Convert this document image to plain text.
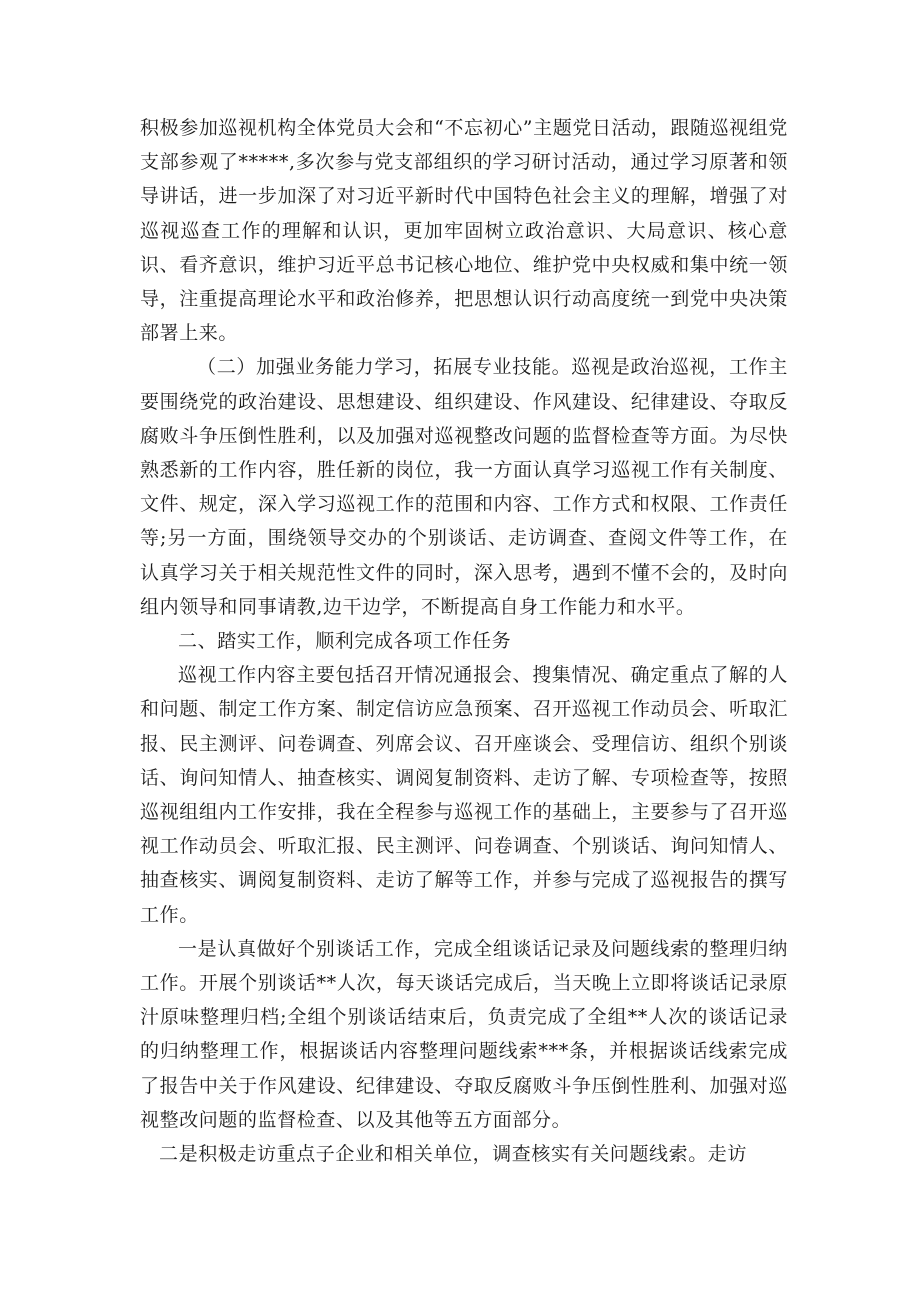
积极参加巡视机构全体党员大会和“不忘初心”主题党日活动，跟随巡视组党支部参观了*****,多次参与党支部组织的学习研讨活动，通过学习原著和领导讲话，进一步加深了对习近平新时代中国特色社会主义的理解，增强了对巡视巡查工作的理解和认识，更加牢固树立政治意识、大局意识、核心意识、看齐意识，维护习近平总书记核心地位、维护党中央权威和集中统一领导，注重提高理论水平和政治修养，把思想认识行动高度统一到党中央决策部署上来。

（二）加强业务能力学习，拓展专业技能。巡视是政治巡视，工作主要围绕党的政治建设、思想建设、组织建设、作风建设、纪律建设、夺取反腐败斗争压倒性胜利，以及加强对巡视整改问题的监督检查等方面。为尽快熟悉新的工作内容，胜任新的岗位，我一方面认真学习巡视工作有关制度、文件、规定，深入学习巡视工作的范围和内容、工作方式和权限、工作责任等;另一方面，围绕领导交办的个别谈话、走访调查、查阅文件等工作，在认真学习关于相关规范性文件的同时，深入思考，遇到不懂不会的，及时向组内领导和同事请教,边干边学，不断提高自身工作能力和水平。

二、踏实工作，顺利完成各项工作任务

巡视工作内容主要包括召开情况通报会、搜集情况、确定重点了解的人和问题、制定工作方案、制定信访应急预案、召开巡视工作动员会、听取汇报、民主测评、问卷调查、列席会议、召开座谈会、受理信访、组织个别谈话、询问知情人、抽查核实、调阅复制资料、走访了解、专项检查等，按照巡视组组内工作安排，我在全程参与巡视工作的基础上，主要参与了召开巡视工作动员会、听取汇报、民主测评、问卷调查、个别谈话、询问知情人、抽查核实、调阅复制资料、走访了解等工作，并参与完成了巡视报告的撰写工作。

一是认真做好个别谈话工作，完成全组谈话记录及问题线索的整理归纳工作。开展个别谈话**人次，每天谈话完成后，当天晚上立即将谈话记录原汁原味整理归档;全组个别谈话结束后，负责完成了全组**人次的谈话记录的归纳整理工作，根据谈话内容整理问题线索***条，并根据谈话线索完成了报告中关于作风建设、纪律建设、夺取反腐败斗争压倒性胜利、加强对巡视整改问题的监督检查、以及其他等五方面部分。

二是积极走访重点子企业和相关单位，调查核实有关问题线索。走访
